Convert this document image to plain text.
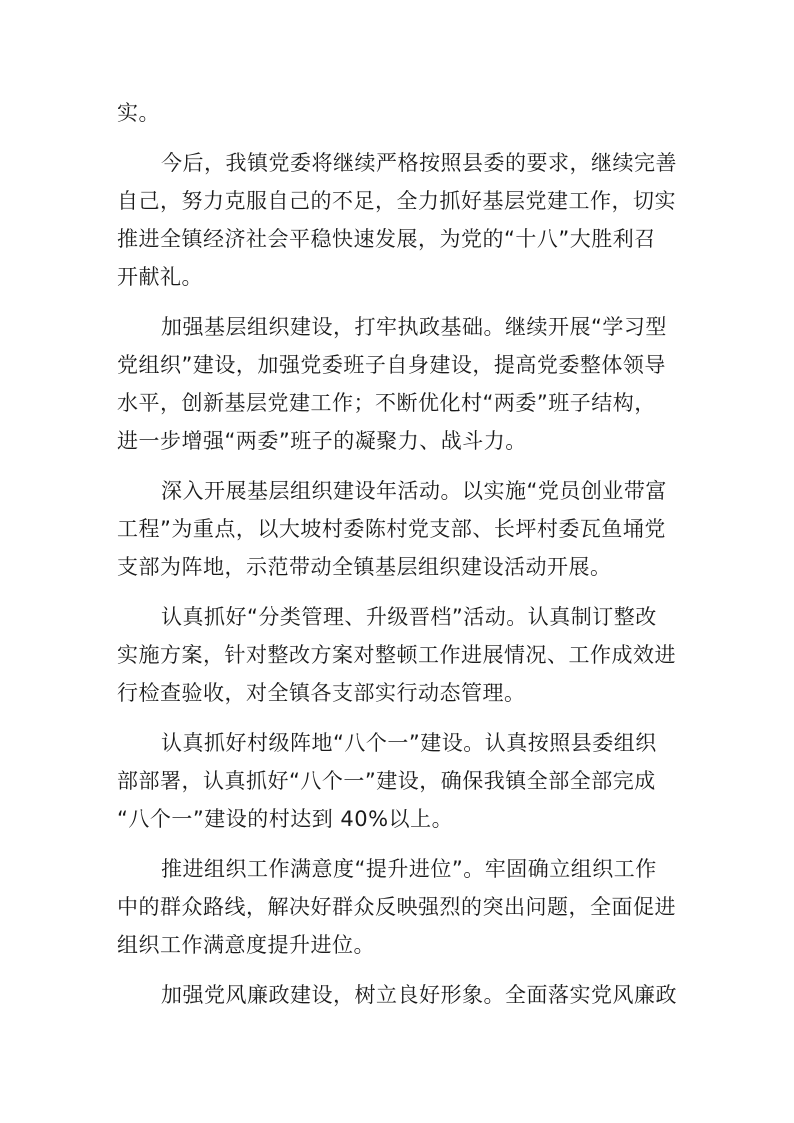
实。
今后，我镇党委将继续严格按照县委的要求，继续完善
自己，努力克服自己的不足，全力抓好基层党建工作，切实
推进全镇经济社会平稳快速发展，为党的“十八”大胜利召
开献礼。
加强基层组织建设，打牢执政基础。继续开展“学习型
党组织”建设，加强党委班子自身建设，提高党委整体领导
水平，创新基层党建工作；不断优化村“两委”班子结构，
进一步增强“两委”班子的凝聚力、战斗力。
深入开展基层组织建设年活动。以实施“党员创业带富
工程”为重点，以大坡村委陈村党支部、长坪村委瓦鱼埇党
支部为阵地，示范带动全镇基层组织建设活动开展。
认真抓好“分类管理、升级晋档”活动。认真制订整改
实施方案，针对整改方案对整顿工作进展情况、工作成效进
行检查验收，对全镇各支部实行动态管理。
认真抓好村级阵地“八个一”建设。认真按照县委组织
部部署，认真抓好“八个一”建设，确保我镇全部全部完成
“八个一”建设的村达到 40%以上。
推进组织工作满意度“提升进位”。牢固确立组织工作
中的群众路线，解决好群众反映强烈的突出问题，全面促进
组织工作满意度提升进位。
加强党风廉政建设，树立良好形象。全面落实党风廉政
